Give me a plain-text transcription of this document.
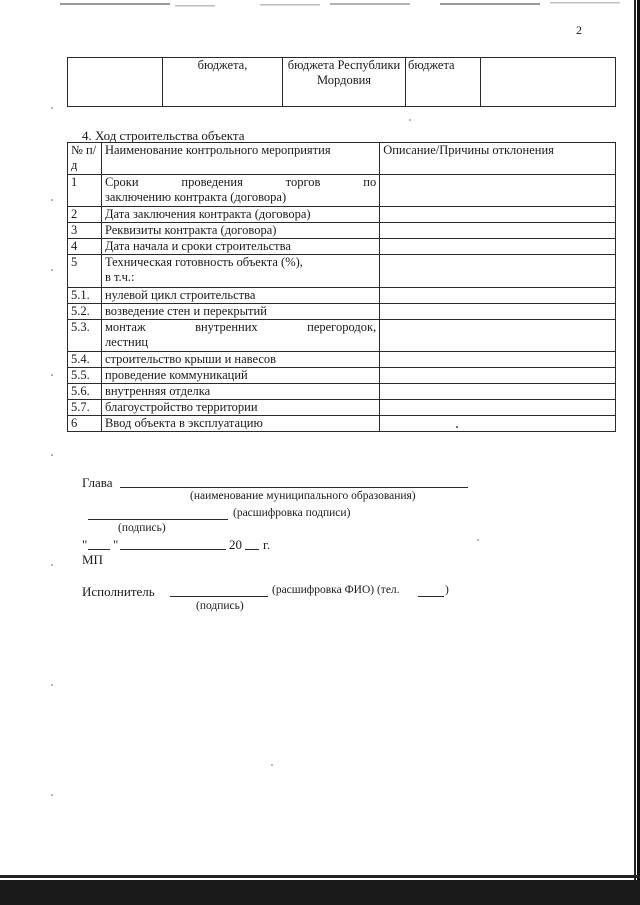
2
	бюджета,	бюджета Республики Мордовия	бюджета	
4. Ход строительства объекта
№ п/д	Наименование контрольного мероприятия	Описание/Причины отклонения
1	Сроки проведения торгов по
заключению контракта (договора)	

2	Дата заключения контракта (договора)	
3	Реквизиты контракта (договора)	
4	Дата начала и сроки строительства	
5	Техническая готовность объекта (%),
в т.ч.:	

5.1.	нулевой цикл строительства	
5.2.	возведение стен и перекрытий	
5.3.	монтаж внутренних перегородок,
лестниц	

5.4.	строительство крыши и навесов	
5.5.	проведение коммуникаций	
5.6.	внутренняя отделка	
5.7.	благоустройство территории	
6	Ввод объекта в эксплуатацию	
Глава
(наименование муниципального образования)
(расшифровка подписи)
(подпись)
" "	20 г.
МП
Исполнитель	(расшифровка ФИО) (тел.	)
(подпись)
